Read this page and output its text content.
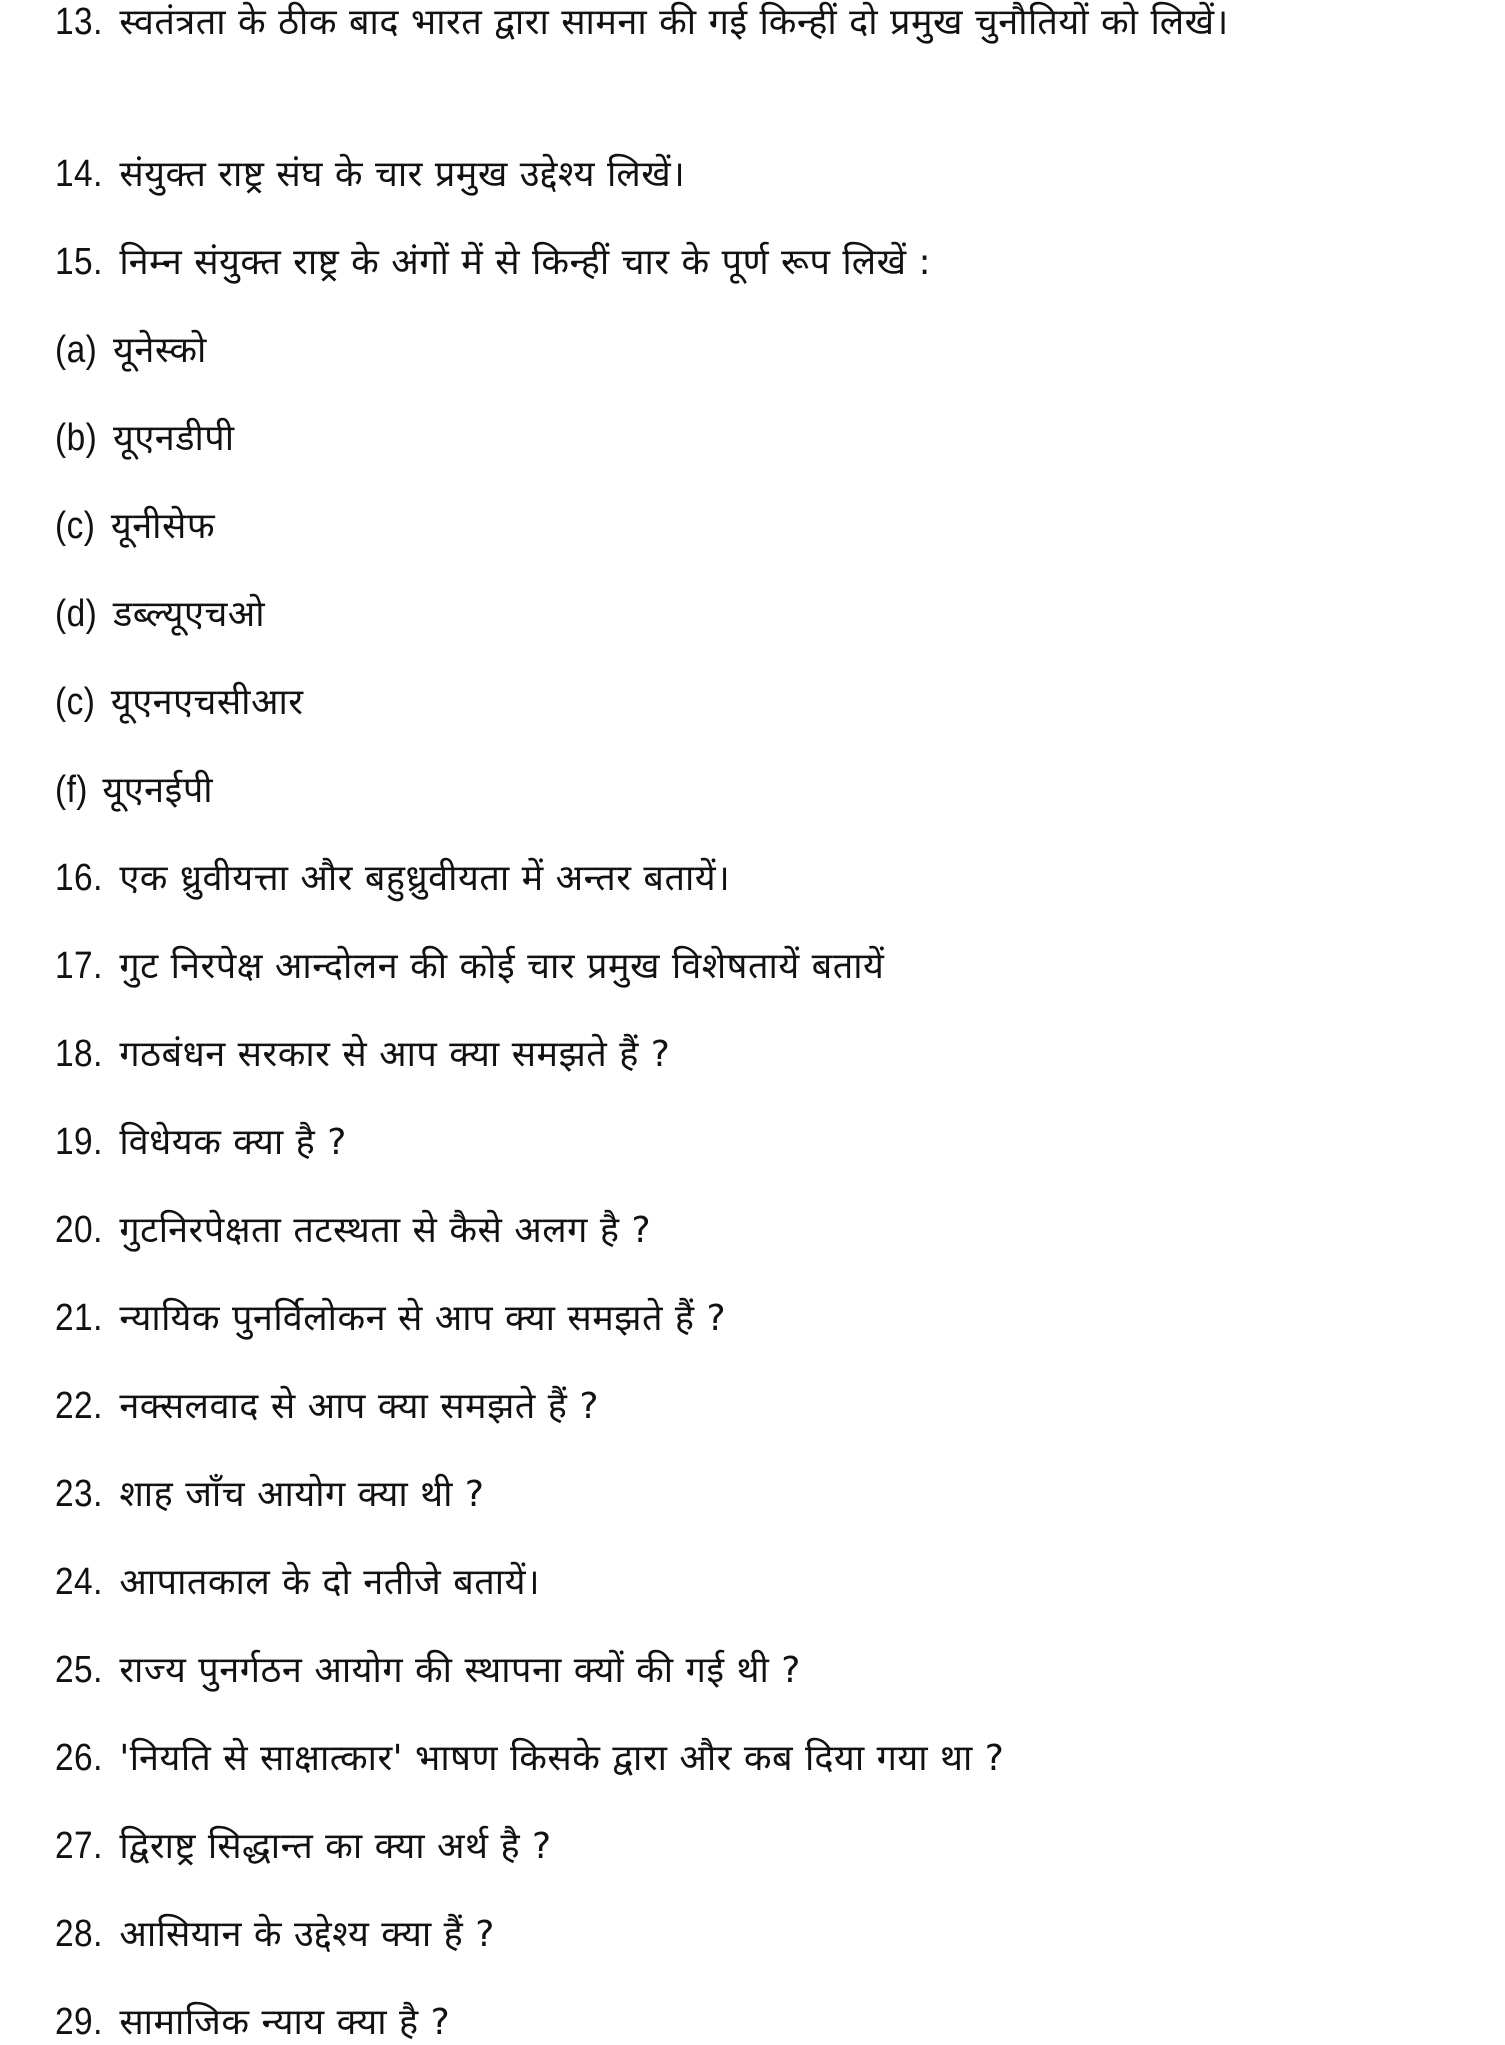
13. स्वतंत्रता के ठीक बाद भारत द्वारा सामना की गई किन्हीं दो प्रमुख चुनौतियों को लिखें।
14. संयुक्त राष्ट्र संघ के चार प्रमुख उद्देश्य लिखें।
15. निम्न संयुक्त राष्ट्र के अंगों में से किन्हीं चार के पूर्ण रूप लिखें :
(a) यूनेस्को
(b) यूएनडीपी
(c) यूनीसेफ
(d) डब्ल्यूएचओ
(c) यूएनएचसीआर
(f) यूएनईपी
16. एक ध्रुवीयत्ता और बहुध्रुवीयता में अन्तर बतायें।
17. गुट निरपेक्ष आन्दोलन की कोई चार प्रमुख विशेषतायें बतायें
18. गठबंधन सरकार से आप क्या समझते हैं ?
19. विधेयक क्या है ?
20. गुटनिरपेक्षता तटस्थता से कैसे अलग है ?
21. न्यायिक पुनर्विलोकन से आप क्या समझते हैं ?
22. नक्सलवाद से आप क्या समझते हैं ?
23. शाह जाँच आयोग क्या थी ?
24. आपातकाल के दो नतीजे बतायें।
25. राज्य पुनर्गठन आयोग की स्थापना क्यों की गई थी ?
26. 'नियति से साक्षात्कार' भाषण किसके द्वारा और कब दिया गया था ?
27. द्विराष्ट्र सिद्धान्त का क्या अर्थ है ?
28. आसियान के उद्देश्य क्या हैं ?
29. सामाजिक न्याय क्या है ?
